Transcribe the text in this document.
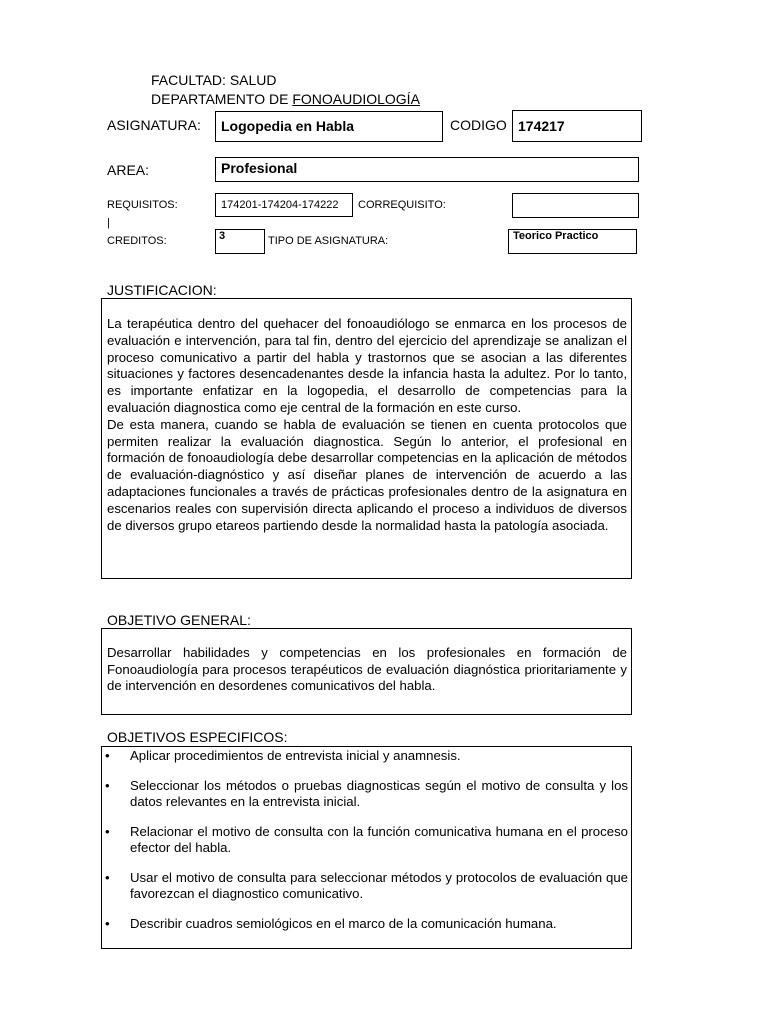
FACULTAD: SALUD
DEPARTAMENTO DE FONOAUDIOLOGÍA
ASIGNATURA: Logopedia en Habla	CODIGO 174217
AREA:	Profesional
REQUISITOS:	174201-174204-174222 CORREQUISITO:
|
CREDITOS:	3	TIPO DE ASIGNATURA:	Teorico Practico
JUSTIFICACION:

La terapéutica dentro del quehacer del fonoaudiólogo se enmarca en los procesos de evaluación e intervención, para tal fin, dentro del ejercicio del aprendizaje se analizan el proceso comunicativo a partir del habla y trastornos que se asocian a las diferentes situaciones y factores desencadenantes desde la infancia hasta la adultez. Por lo tanto, es importante enfatizar en la logopedia, el desarrollo de competencias para la evaluación diagnostica como eje central de la formación en este curso.

De esta manera, cuando se habla de evaluación se tienen en cuenta protocolos que permiten realizar la evaluación diagnostica. Según lo anterior, el profesional en formación de fonoaudiología debe desarrollar competencias en la aplicación de métodos de evaluación-diagnóstico y así diseñar planes de intervención de acuerdo a las adaptaciones funcionales a través de prácticas profesionales dentro de la asignatura en escenarios reales con supervisión directa aplicando el proceso a individuos de diversos de diversos grupo etareos partiendo desde la normalidad hasta la patología asociada.

OBJETIVO GENERAL:

Desarrollar habilidades y competencias en los profesionales en formación de Fonoaudiología para procesos terapéuticos de evaluación diagnóstica prioritariamente y de intervención en desordenes comunicativos del habla.

OBJETIVOS ESPECIFICOS:
• Aplicar procedimientos de entrevista inicial y anamnesis.
• Seleccionar los métodos o pruebas diagnosticas según el motivo de consulta y los datos relevantes en la entrevista inicial.
• Relacionar el motivo de consulta con la función comunicativa humana en el proceso efector del habla.
• Usar el motivo de consulta para seleccionar métodos y protocolos de evaluación que favorezcan el diagnostico comunicativo.
• Describir cuadros semiológicos en el marco de la comunicación humana.
